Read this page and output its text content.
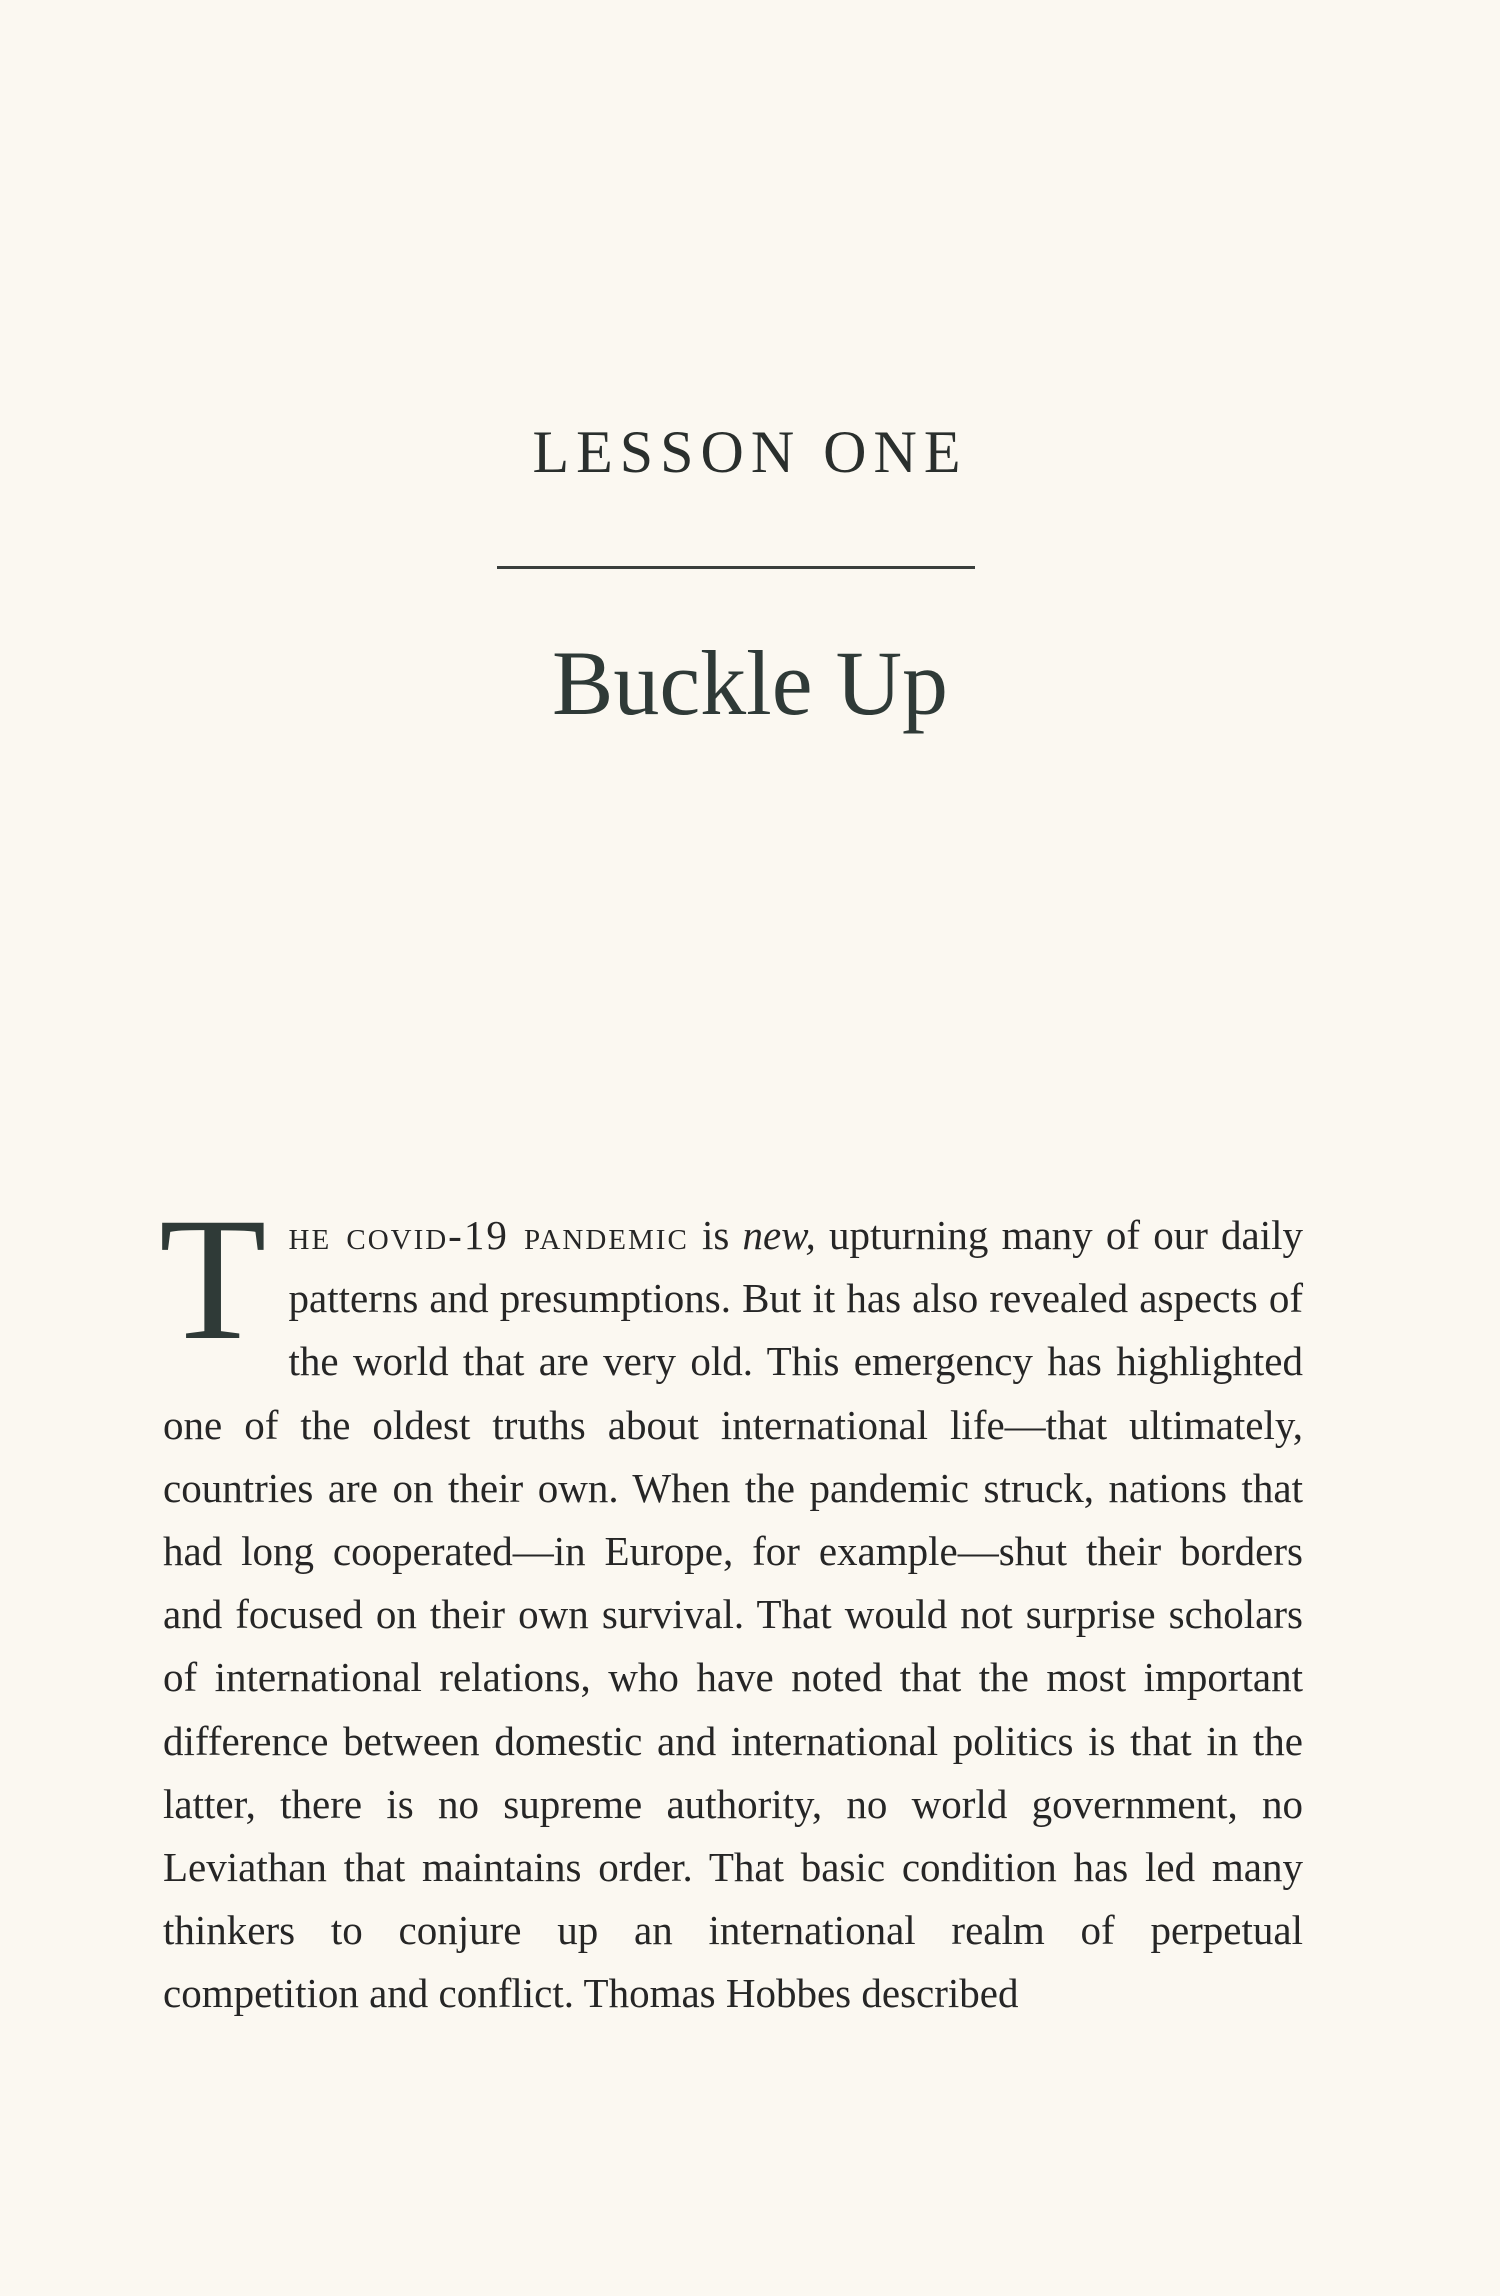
LESSON ONE
Buckle Up
The covid-19 pandemic is new, upturning many of our daily patterns and presumptions. But it has also revealed aspects of the world that are very old. This emergency has highlighted one of the oldest truths about international life—that ultimately, countries are on their own. When the pandemic struck, nations that had long cooperated—in Europe, for example—shut their borders and focused on their own survival. That would not surprise scholars of international relations, who have noted that the most important difference between domestic and international politics is that in the latter, there is no supreme authority, no world government, no Leviathan that maintains order. That basic condition has led many thinkers to conjure up an international realm of perpetual competition and conflict. Thomas Hobbes described
